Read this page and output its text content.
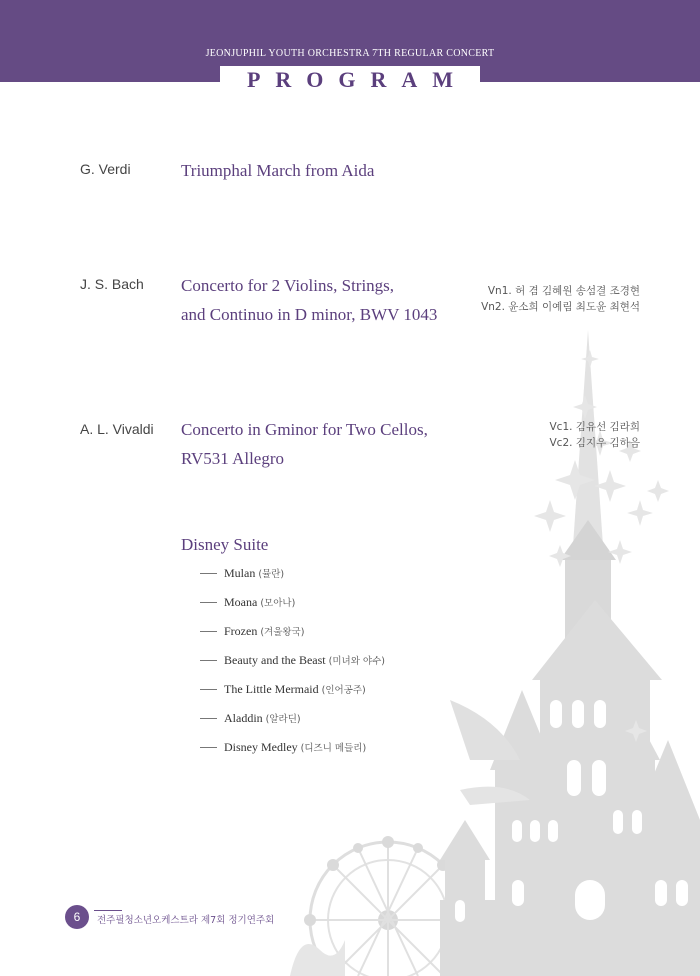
JEONJUPHIL YOUTH ORCHESTRA 7TH REGULAR CONCERT
PROGRAM
G. Verdi	Triumphal March from Aida
J. S. Bach Concerto for 2 Violins, Strings,
and Continuo in D minor, BWV 1043
Vn1. 허 겸 김혜원 송섬결 조경현
Vn2. 윤소희 이예림 최도윤 최현석
A. L. Vivaldi Concerto in Gminor for Two Cellos,
RV531 Allegro
Vc1. 김유선 김라희
Vc2. 김지우 김하음
Disney Suite
Mulan (뮬란)
Moana (모아나)
Frozen (겨울왕국)
Beauty and the Beast (미녀와 야수)
The Little Mermaid (인어공주)
Aladdin (알라딘)
Disney Medley (디즈니 메들리)
6	전주필청소년오케스트라 제7회 정기연주회
